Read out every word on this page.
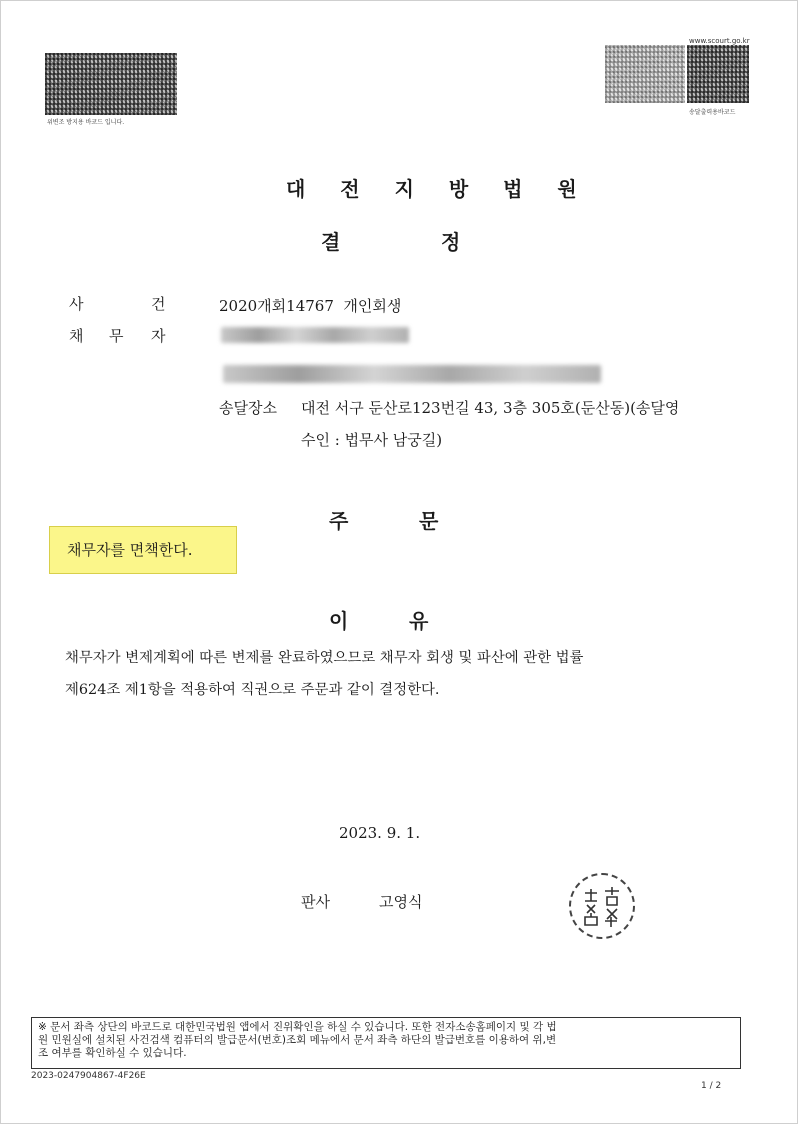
위변조 방지용 바코드 입니다.
www.scourt.go.kr
송달출력용바코드
대 전 지 방 법 원
결	정
사	건	2020개회14767  개인회생
채 무 자
송달장소 대전 서구 둔산로123번길 43, 3층 305호(둔산동)(송달영
수인 : 법무사 남궁길)
주	문
채무자를 면책한다.
이	유
채무자가 변제계획에 따른 변제를 완료하였으므로 채무자 회생 및 파산에 관한 법률
제624조 제1항을 적용하여 직권으로 주문과 같이 결정한다.
2023. 9. 1.
판사	고영식
※ 문서 좌측 상단의 바코드로 대한민국법원 앱에서 진위확인을 하실 수 있습니다. 또한 전자소송홈페이지 및 각 법
원 민원실에 설치된 사건검색 컴퓨터의 발급문서(번호)조회 메뉴에서 문서 좌측 하단의 발급번호를 이용하여 위,변
조 여부를 확인하실 수 있습니다.
2023-0247904867-4F26E
1 / 2
